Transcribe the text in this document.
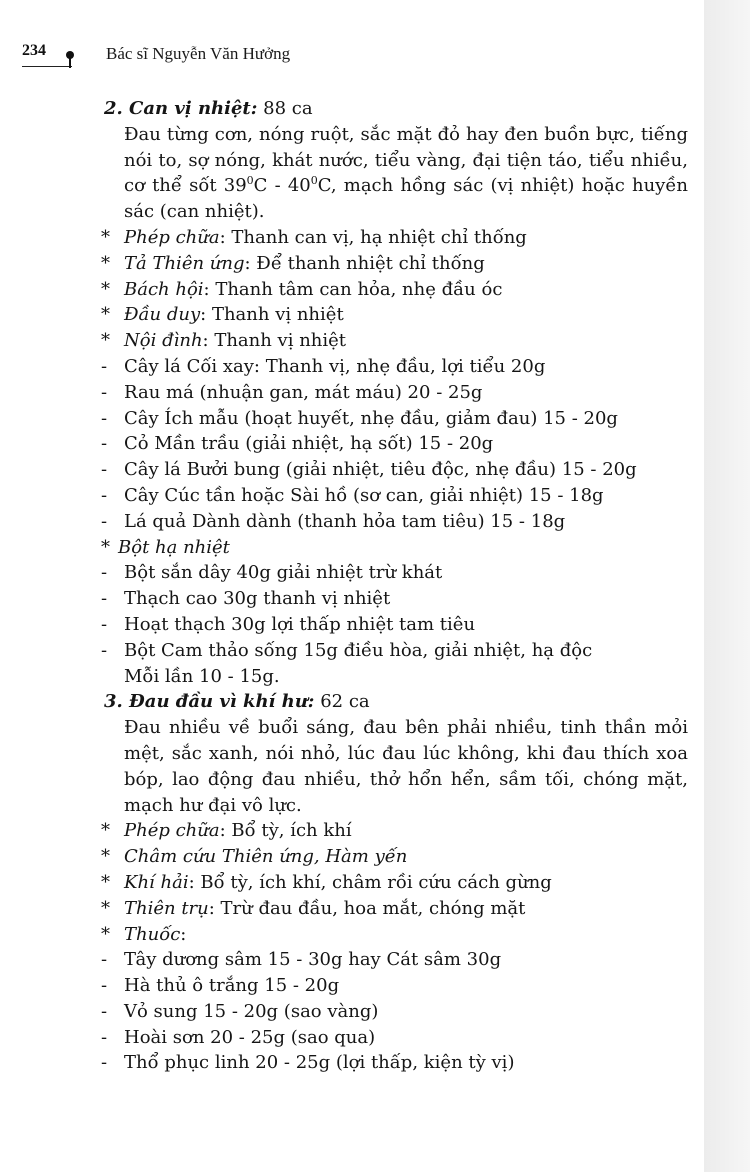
234	Bác sĩ Nguyễn Văn Hưởng
2. Can vị nhiệt: 88 ca
Đau từng cơn, nóng ruột, sắc mặt đỏ hay đen buồn bực, tiếng
nói to, sợ nóng, khát nước, tiểu vàng, đại tiện táo, tiểu nhiều,
cơ thể sốt $39^0C - 40^0C$, mạch hồng sác (vị nhiệt) hoặc huyền
sác (can nhiệt).
* Phép chữa: Thanh can vị, hạ nhiệt chỉ thống
* Tả Thiên ứng: Để thanh nhiệt chỉ thống
* Bách hội: Thanh tâm can hỏa, nhẹ đầu óc
* Đầu duy: Thanh vị nhiệt
* Nội đình: Thanh vị nhiệt
- Cây lá Cối xay: Thanh vị, nhẹ đầu, lợi tiểu 20g
- Rau má (nhuận gan, mát máu) 20 - 25g
- Cây Ích mẫu (hoạt huyết, nhẹ đầu, giảm đau) 15 - 20g
- Cỏ Mần trầu (giải nhiệt, hạ sốt) 15 - 20g
- Cây lá Bưởi bung (giải nhiệt, tiêu độc, nhẹ đầu) 15 - 20g
- Cây Cúc tần hoặc Sài hồ (sơ can, giải nhiệt) 15 - 18g
- Lá quả Dành dành (thanh hỏa tam tiêu) 15 - 18g
* Bột hạ nhiệt
- Bột sắn dây 40g giải nhiệt trừ khát
- Thạch cao 30g thanh vị nhiệt
- Hoạt thạch 30g lợi thấp nhiệt tam tiêu
- Bột Cam thảo sống 15g điều hòa, giải nhiệt, hạ độc
Mỗi lần 10 - 15g.
3. Đau đầu vì khí hư: 62 ca
Đau nhiều về buổi sáng, đau bên phải nhiều, tinh thần mỏi
mệt, sắc xanh, nói nhỏ, lúc đau lúc không, khi đau thích xoa
bóp, lao động đau nhiều, thở hổn hển, sầm tối, chóng mặt,
mạch hư đại vô lực.
* Phép chữa: Bổ tỳ, ích khí
* Châm cứu Thiên ứng, Hàm yến
* Khí hải: Bổ tỳ, ích khí, châm rồi cứu cách gừng
* Thiên trụ: Trừ đau đầu, hoa mắt, chóng mặt
* Thuốc:
- Tây dương sâm 15 - 30g hay Cát sâm 30g
- Hà thủ ô trắng 15 - 20g
- Vỏ sung 15 - 20g (sao vàng)
- Hoài sơn 20 - 25g (sao qua)
- Thổ phục linh 20 - 25g (lợi thấp, kiện tỳ vị)
